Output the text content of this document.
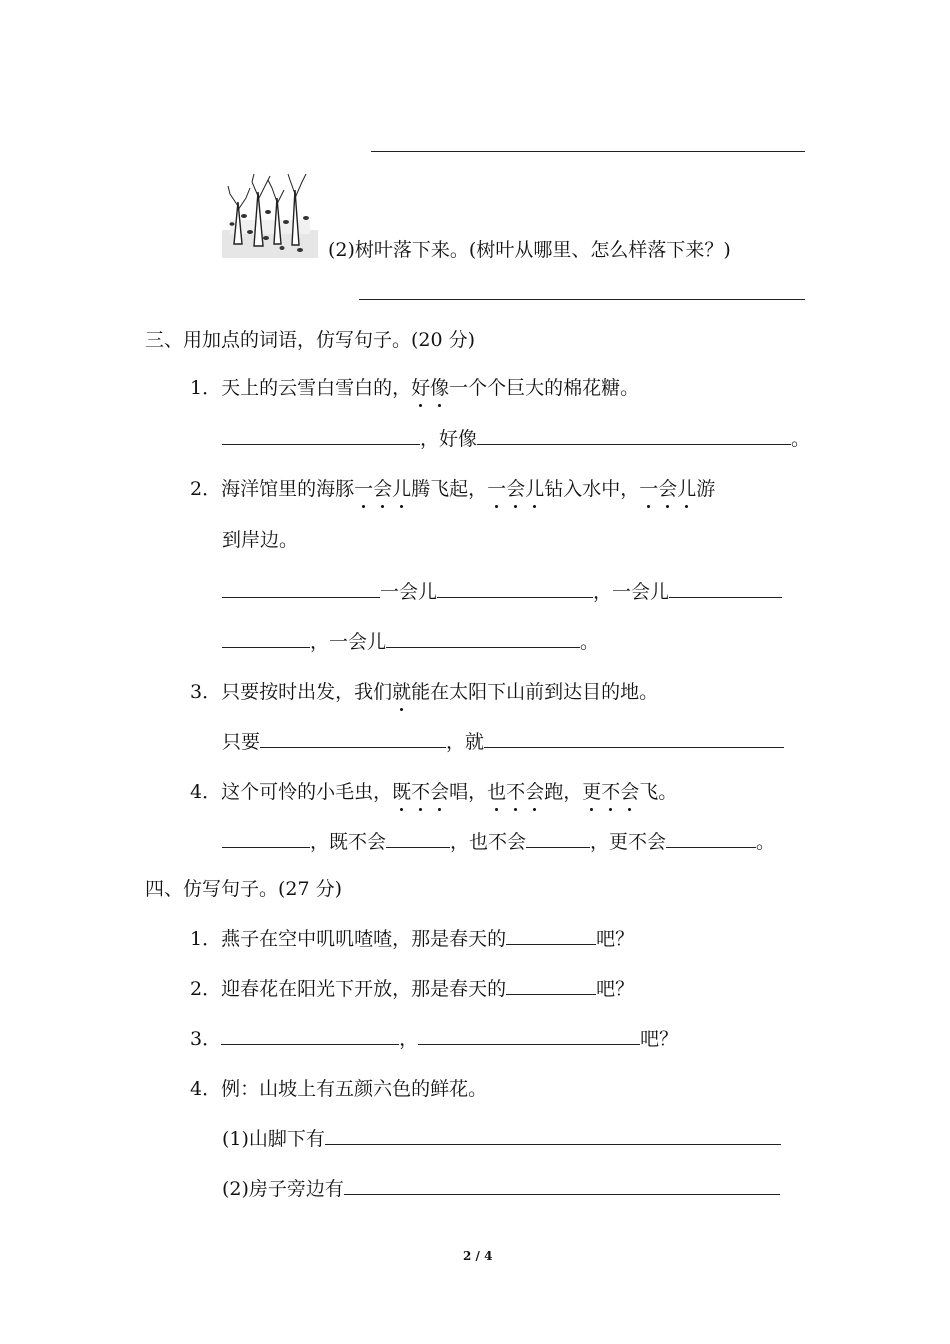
(2)树叶落下来。(树叶从哪里、怎么样落下来？)
三、用加点的词语，仿写句子。(20 分)
1．天上的云雪白雪白的，好像一个个巨大的棉花糖。
，好像	。
2．海洋馆里的海豚一会儿腾飞起，一会儿钻入水中，一会儿游
到岸边。
一会儿	，一会儿
，一会儿	。
3．只要按时出发，我们就能在太阳下山前到达目的地。
只要	，就
4．这个可怜的小毛虫，既不会唱，也不会跑，更不会飞。
，既不会	，也不会	，更不会	。
四、仿写句子。(27 分)
1．燕子在空中叽叽喳喳，那是春天的	吧？
2．迎春花在阳光下开放，那是春天的	吧？
3．	，	吧？
4．例：山坡上有五颜六色的鲜花。
(1)山脚下有
(2)房子旁边有
2 / 4
